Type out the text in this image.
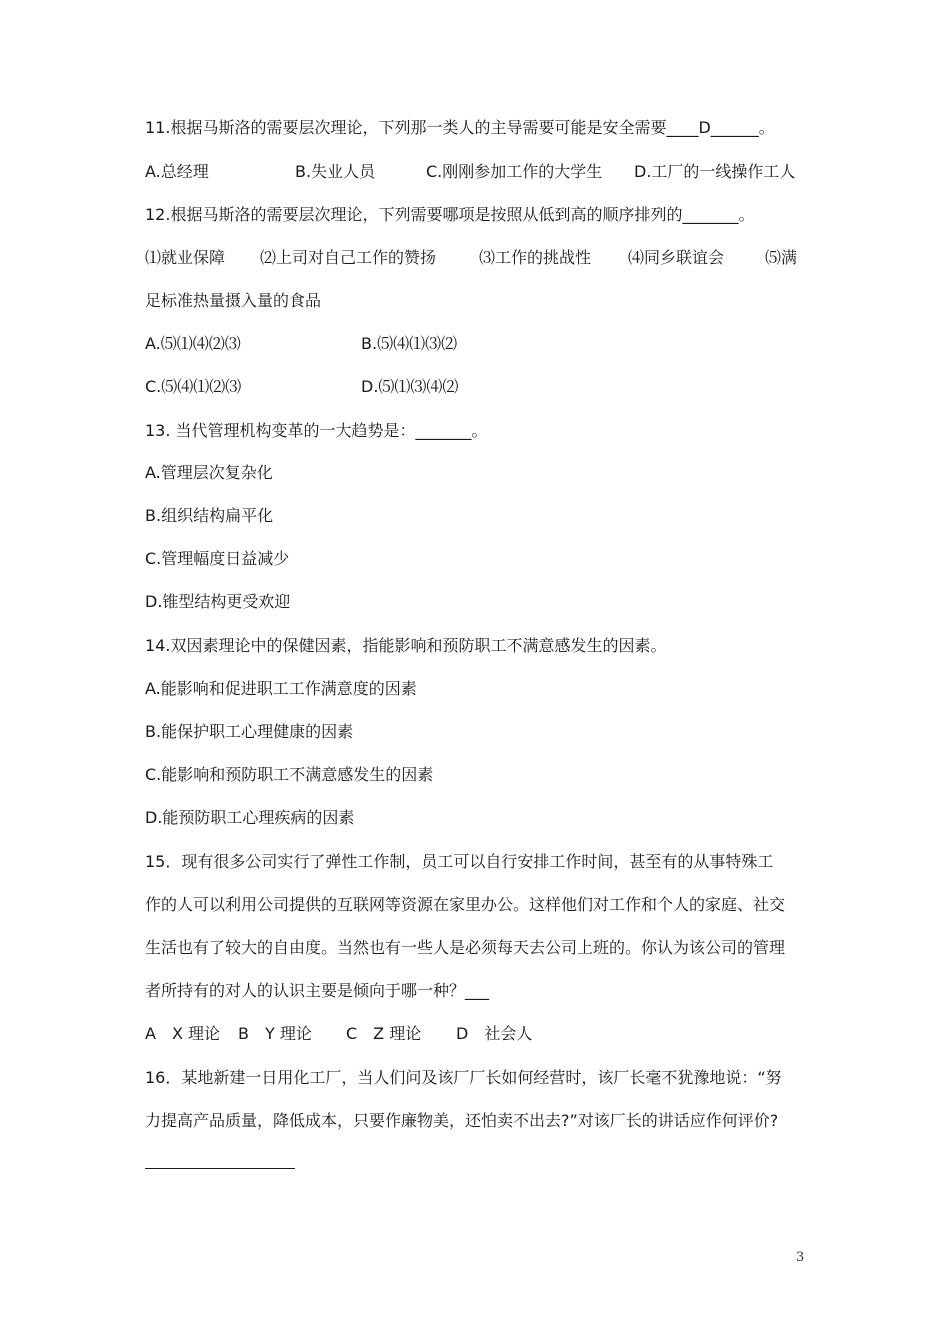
11.根据马斯洛的需要层次理论，下列那一类人的主导需要可能是安全需要____D______。
A.总经理	B.失业人员	C.刚刚参加工作的大学生 D.工厂的一线操作工人
12.根据马斯洛的需要层次理论，下列需要哪项是按照从低到高的顺序排列的_______。
⑴就业保障 ⑵上司对自己工作的赞扬	⑶工作的挑战性 ⑷同乡联谊会	⑸满
足标准热量摄入量的食品
A.⑸⑴⑷⑵⑶	B.⑸⑷⑴⑶⑵
C.⑸⑷⑴⑵⑶	D.⑸⑴⑶⑷⑵
13. 当代管理机构变革的一大趋势是：_______。
A.管理层次复杂化
B.组织结构扁平化
C.管理幅度日益减少
D.锥型结构更受欢迎
14.双因素理论中的保健因素，指能影响和预防职工不满意感发生的因素。
A.能影响和促进职工工作满意度的因素
B.能保护职工心理健康的因素
C.能影响和预防职工不满意感发生的因素
D.能预防职工心理疾病的因素
15．现有很多公司实行了弹性工作制，员工可以自行安排工作时间，甚至有的从事特殊工
作的人可以利用公司提供的互联网等资源在家里办公。这样他们对工作和个人的家庭、社交
生活也有了较大的自由度。当然也有一些人是必须每天去公司上班的。你认为该公司的管理
者所持有的对人的认识主要是倾向于哪一种？___
A　X 理论 B　Y 理论 C　Z 理论 D　社会人
16．某地新建一日用化工厂，当人们问及该厂厂长如何经营时，该厂长毫不犹豫地说：“努
力提高产品质量，降低成本，只要作廉物美，还怕卖不出去?”对该厂长的讲话应作何评价?
3
